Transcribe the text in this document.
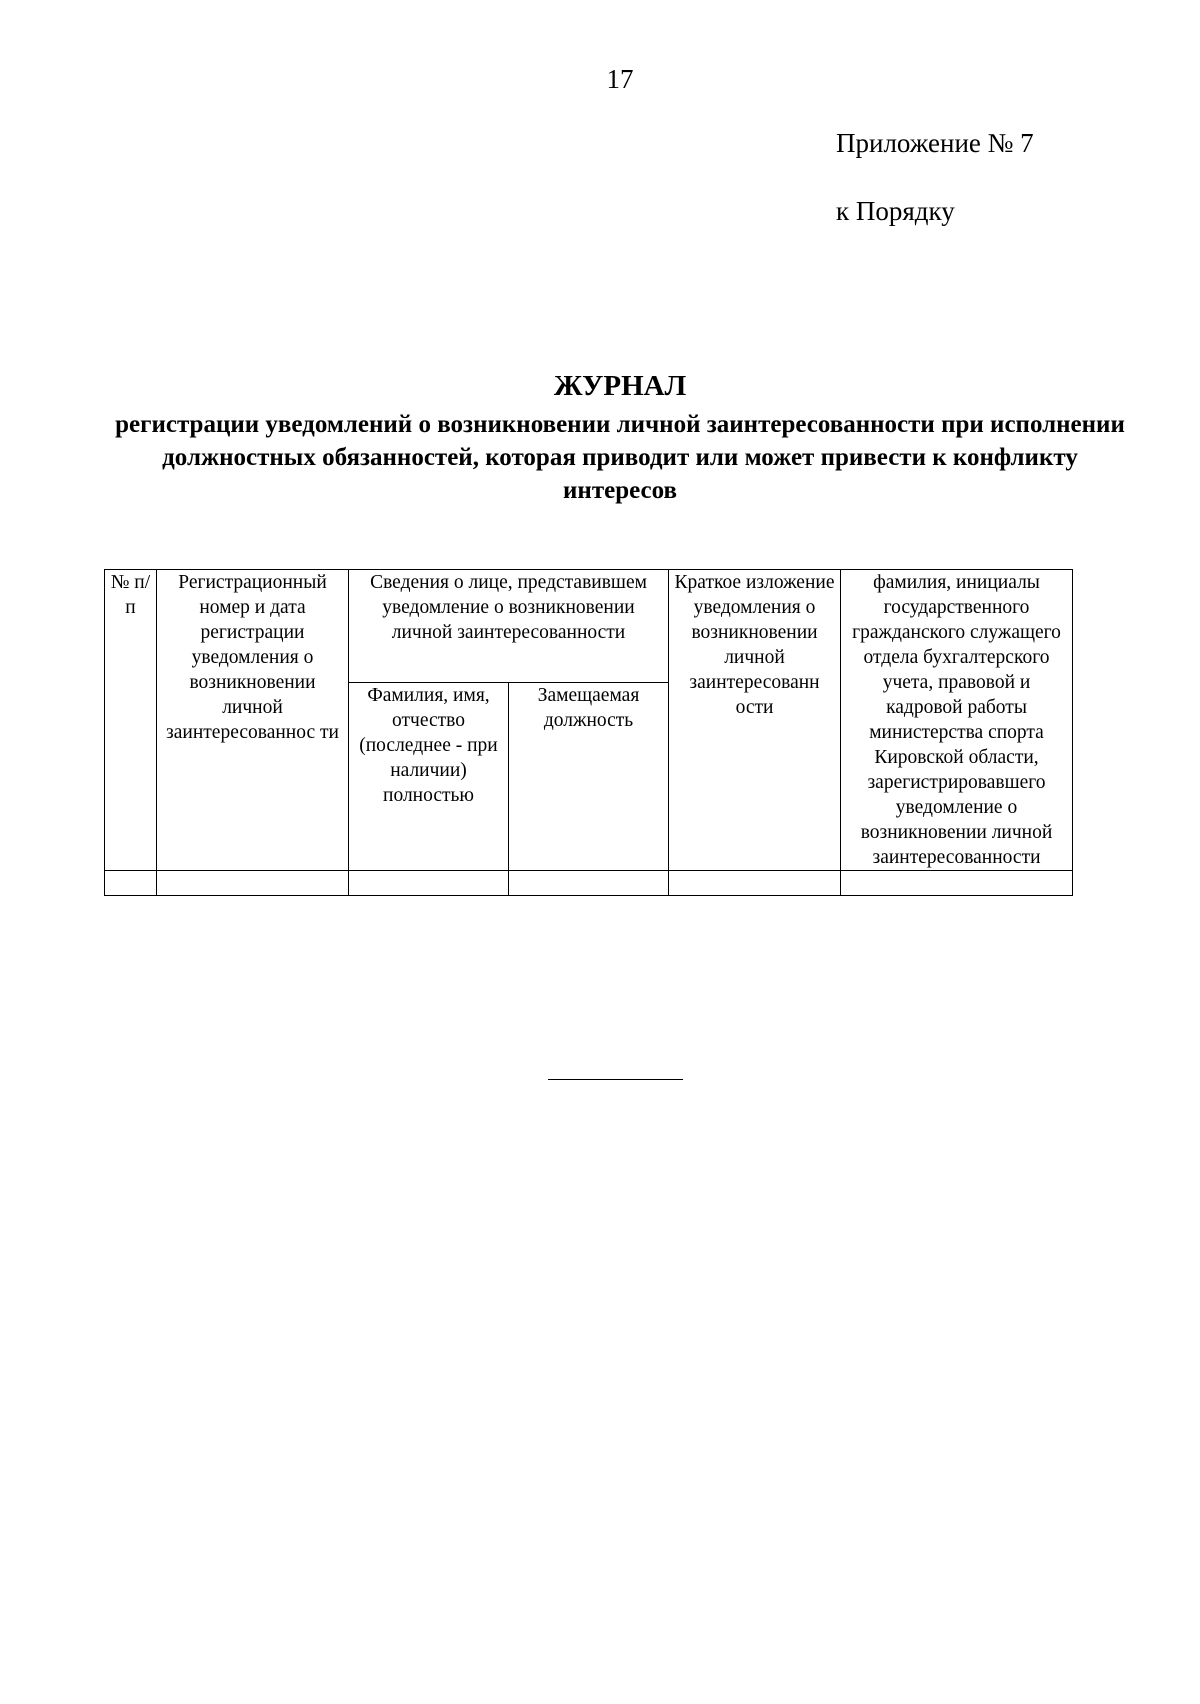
17
Приложение № 7
к Порядку
ЖУРНАЛ
регистрации уведомлений о возникновении личной заинтересованности при исполнении должностных обязанностей, которая приводит или может привести к конфликту интересов
№ п/п	Регистрационный номер и дата регистрации уведомления о возникновении личной заинтересованнос ти	Сведения о лице, представившем уведомление о возникновении личной заинтересованности		Краткое изложение уведомления о возникновении личной заинтересованн ости	фамилия, инициалы государственного гражданского служащего отдела бухгалтерского учета, правовой и кадровой работы министерства спорта Кировской области, зарегистрировавшего уведомление о возникновении личной заинтересованности
		Фамилия, имя, отчество (последнее - при наличии) полностью	Замещаемая должность		
